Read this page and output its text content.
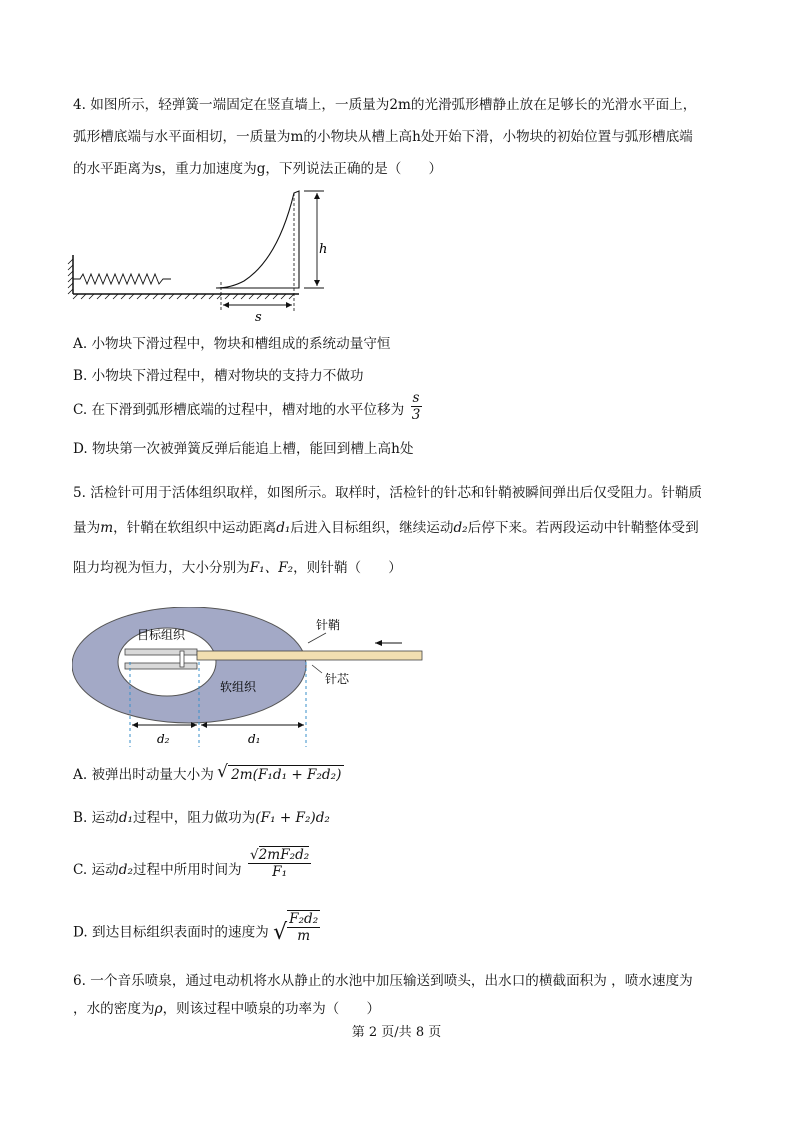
4. 如图所示，轻弹簧一端固定在竖直墙上，一质量为2m的光滑弧形槽静止放在足够长的光滑水平面上，
弧形槽底端与水平面相切，一质量为m的小物块从槽上高h处开始下滑，小物块的初始位置与弧形槽底端
的水平距离为s，重力加速度为g，下列说法正确的是（　　）
s
h
A. 小物块下滑过程中，物块和槽组成的系统动量守恒
B. 小物块下滑过程中，槽对物块的支持力不做功
C. 在下滑到弧形槽底端的过程中，槽对地的水平位移为 $\frac{s}{3}$
D. 物块第一次被弹簧反弹后能追上槽，能回到槽上高h处
5. 活检针可用于活体组织取样，如图所示。取样时，活检针的针芯和针鞘被瞬间弹出后仅受阻力。针鞘质
量为m，针鞘在软组织中运动距离d₁后进入目标组织，继续运动d₂后停下来。若两段运动中针鞘整体受到
阻力均视为恒力，大小分别为F₁、F₂，则针鞘（　　）
目标组织
软组织
针鞘
针芯
d₂	d₁
A. 被弹出时动量大小为 √ 2m(F₁d₁ + F₂d₂)
B. 运动d₁过程中，阻力做功为(F₁ + F₂)d₂
C. 运动d₂过程中所用时间为 $\frac{\text{√2mF₂d₂}}{\text{F₁}}$
D. 到达目标组织表面时的速度为 √ $\frac{\text{F₂d₂}}{m}$
6. 一个音乐喷泉，通过电动机将水从静止的水池中加压输送到喷头，出水口的横截面积为 ，喷水速度为
，水的密度为ρ，则该过程中喷泉的功率为（　　）
第 2 页/共 8 页
